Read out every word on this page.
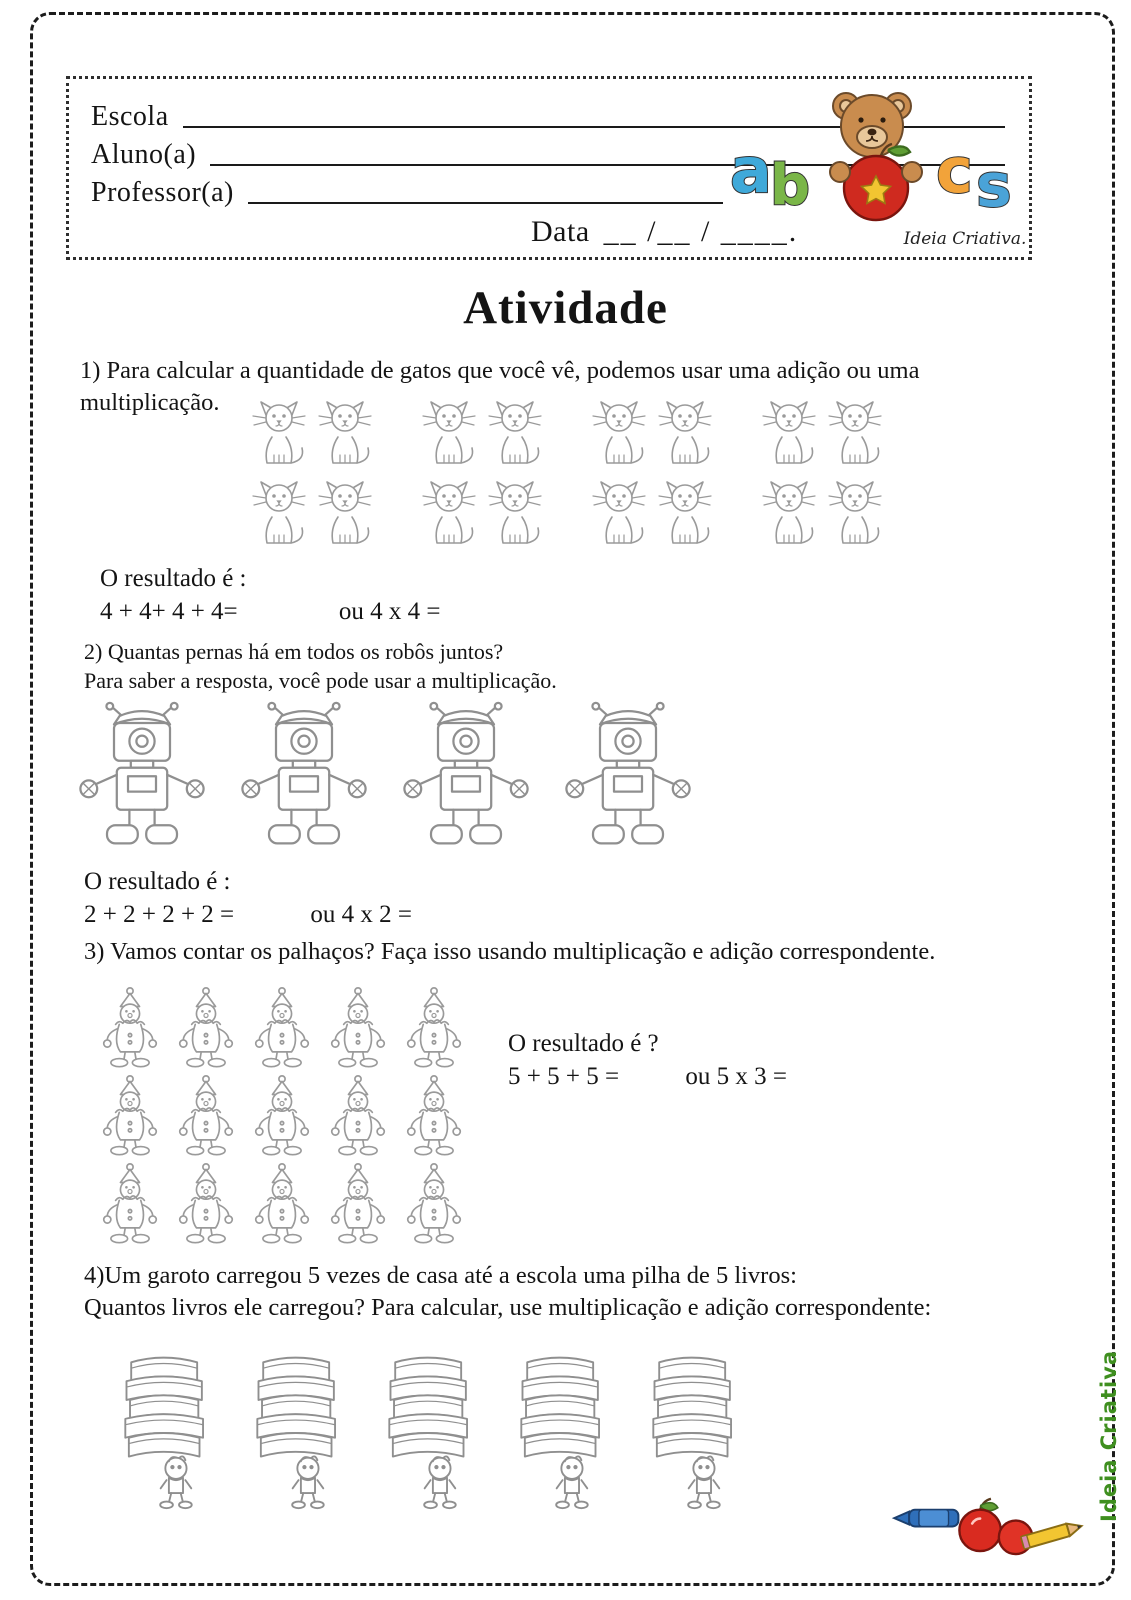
Escola
Aluno(a)
Professor(a)
Data __ /__ / ____.
a
b c s
Ideia Criativa.
Atividade
1) Para calcular a quantidade de gatos que você vê, podemos usar uma adição ou uma
multiplicação.
O resultado é :
4 + 4+ 4 + 4=	ou 4 x 4 =
2) Quantas pernas há em todos os robôs juntos?
Para saber a resposta, você pode usar a multiplicação.
O resultado é :
2 + 2 + 2 + 2 =	ou 4 x 2 =
3) Vamos contar os palhaços? Faça isso usando multiplicação e adição correspondente.
O resultado é ?
5 + 5 + 5 =	ou 5 x 3 =
4)Um garoto carregou 5 vezes de casa até a escola uma pilha de 5 livros:
Quantos livros ele carregou? Para calcular, use multiplicação e adição correspondente:
Ideia Criativa
